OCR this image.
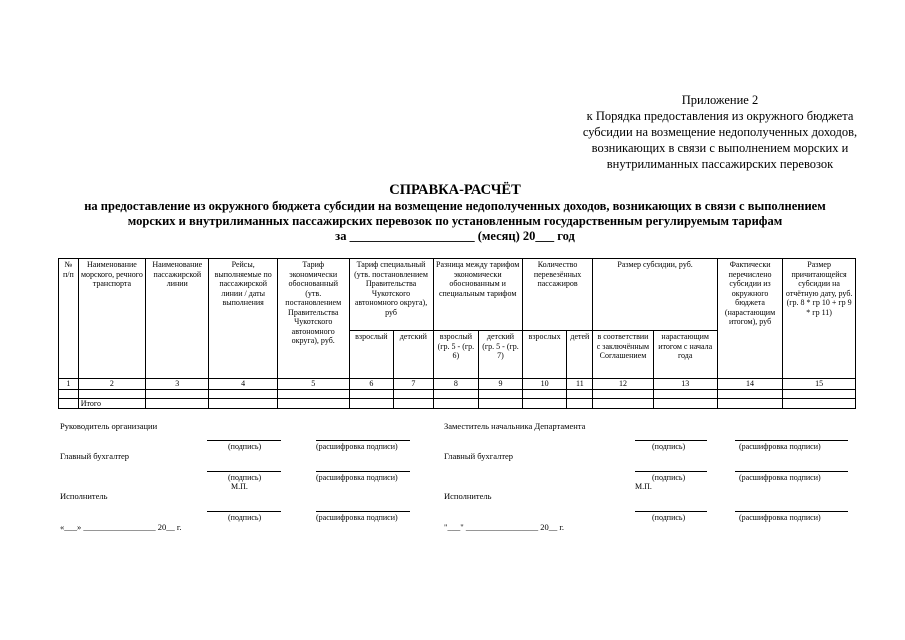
Приложение 2
к Порядка предоставления из окружного бюджета
субсидии на возмещение недополученных доходов,
возникающих в связи с выполнением морских и
внутрилиманных пассажирских перевозок
СПРАВКА-РАСЧЁТ
на предоставление из окружного бюджета субсидии на возмещение недополученных доходов, возникающих в связи с выполнением
морских и внутрилиманных пассажирских перевозок по установленным государственным регулируемым тарифам
за ____________________ (месяц) 20___ год
№ п/п	Наименование морского, речного транспорта	Наименование пассажирской линии	Рейсы, выполняемые по пассажирской линии / даты выполнения	Тариф экономически обоснованный (утв. постановлением Правительства Чукотского автономного округа), руб.	Тариф специальный (утв. постановлением Правительства Чукотского автономного округа), руб		Разница между тарифом экономически обоснованным и специальным тарифом		Количество перевезённых пассажиров		Размер субсидии, руб.		Фактически перечислено субсидии из окружного бюджета (нарастающим итогом), руб	Размер причитающейся субсидии на отчётную дату, руб. (гр. 8 * гр 10 + гр 9 * гр 11)
					взрослый	детский	взрослый (гр. 5 - (гр. 6)	детский (гр. 5 - (гр. 7)	взрослых	детей	в соответствии с заключённым Соглашением	нарастающим итогом с начала года		
1	2	3	4	5	6	7	8	9	10	11	12	13	14	15

	Итого													
Руководитель организации
(подпись)	(расшифровка подписи)
Главный бухгалтер
(подпись)	(расшифровка подписи)
М.П.
Исполнитель
(подпись)	(расшифровка подписи)
«___» _________________ 20__ г.
Заместитель начальника Департамента
(подпись)	(расшифровка подписи)
Главный бухгалтер
(подпись)	(расшифровка подписи)
М.П.
Исполнитель
(подпись)	(расшифровка подписи)
"___" _________________ 20__ г.
